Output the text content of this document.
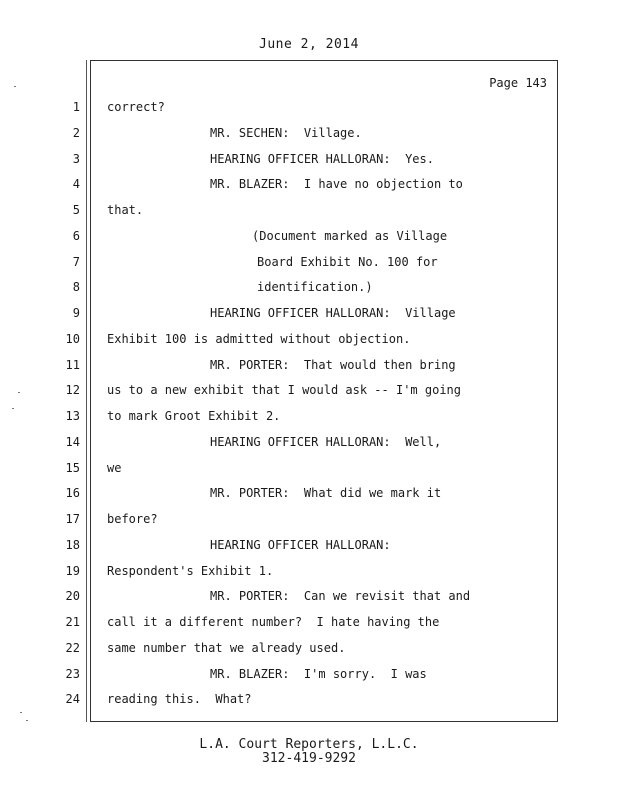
June 2, 2014
Page 143
1 correct?
2	MR. SECHEN:  Village.
3	HEARING OFFICER HALLORAN:  Yes.
4	MR. BLAZER:  I have no objection to
5 that.
6	(Document marked as Village
7	Board Exhibit No. 100 for
8	identification.)
9	HEARING OFFICER HALLORAN:  Village
10 Exhibit 100 is admitted without objection.
11	MR. PORTER:  That would then bring
12 us to a new exhibit that I would ask -- I'm going
13 to mark Groot Exhibit 2.
14	HEARING OFFICER HALLORAN:  Well,
15 we
16	MR. PORTER:  What did we mark it
17 before?
18	HEARING OFFICER HALLORAN:
19 Respondent's Exhibit 1.
20	MR. PORTER:  Can we revisit that and
21 call it a different number?  I hate having the
22 same number that we already used.
23	MR. BLAZER:  I'm sorry.  I was
24 reading this.  What?
L.A. Court Reporters, L.L.C.
312-419-9292
